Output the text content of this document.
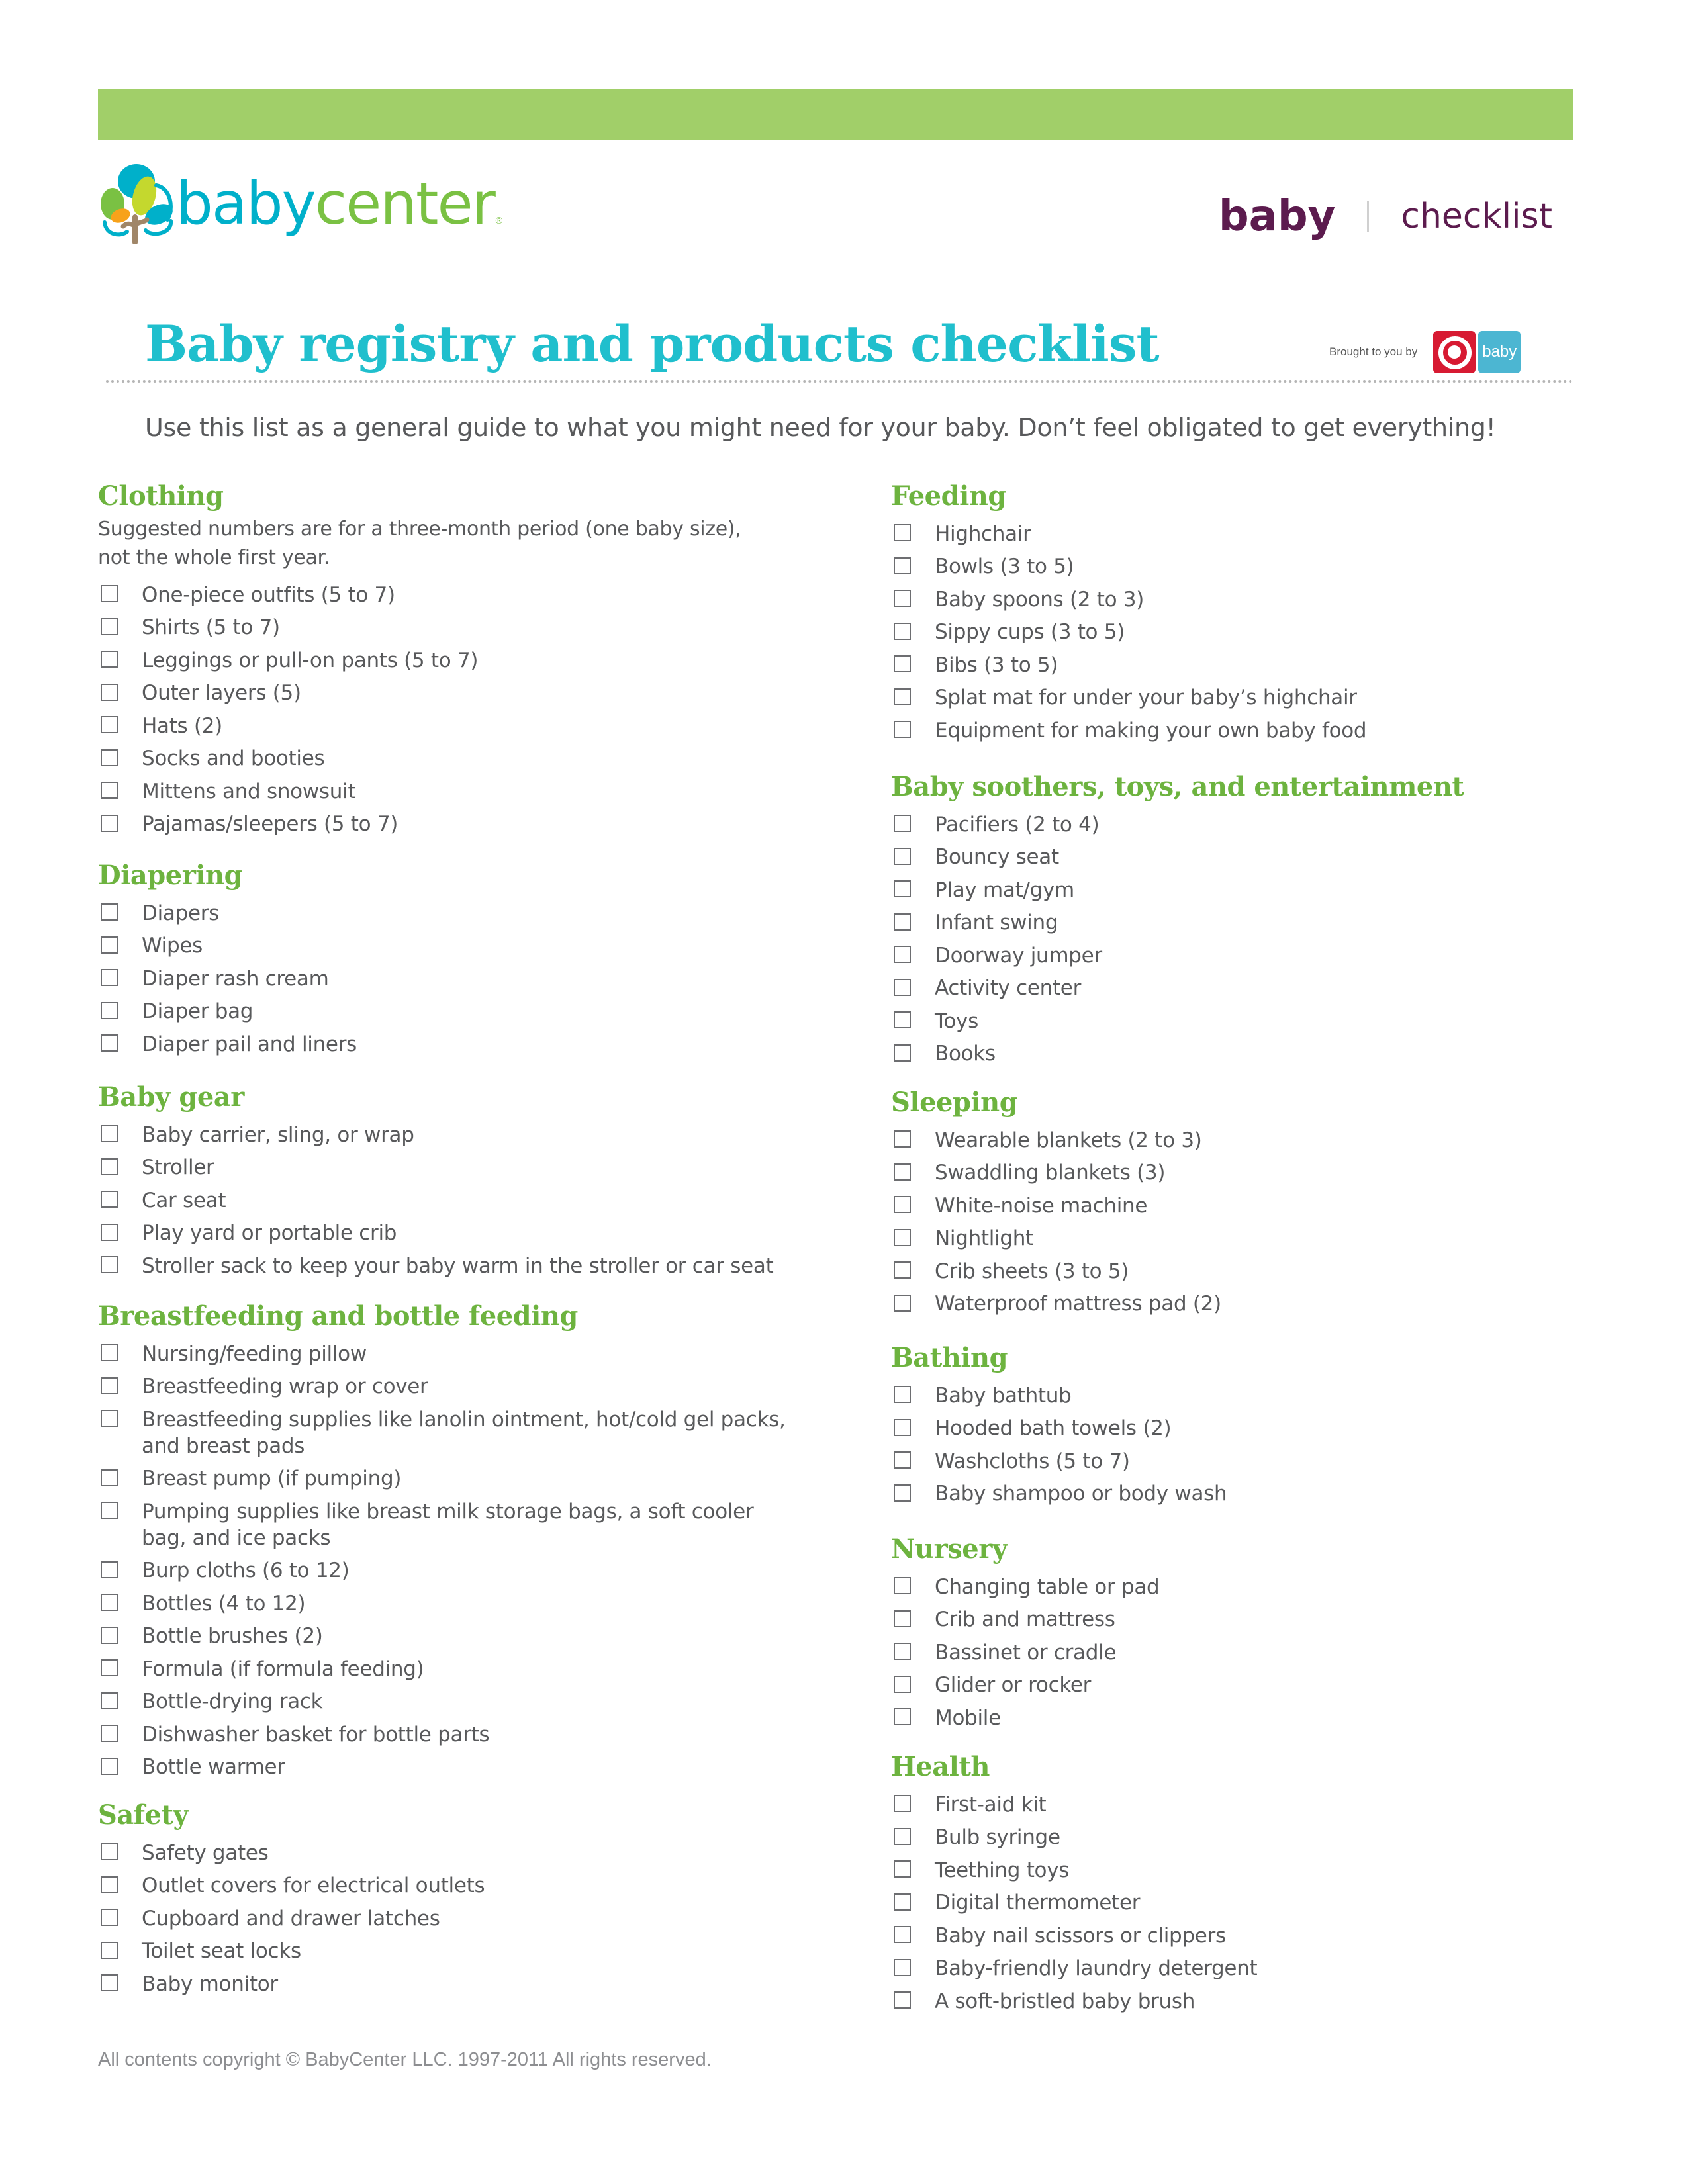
babycenter®	baby checklist
Baby registry and products checklist	Brought to you by	baby
Use this list as a general guide to what you might need for your baby. Don’t feel obligated to get everything!
Clothing
Suggested numbers are for a three-month period (one baby size),
not the whole first year.
One-piece outfits (5 to 7)
Shirts (5 to 7)
Leggings or pull-on pants (5 to 7)
Outer layers (5)
Hats (2)
Socks and booties
Mittens and snowsuit
Pajamas/sleepers (5 to 7)
Diapering
Diapers
Wipes
Diaper rash cream
Diaper bag
Diaper pail and liners
Baby gear
Baby carrier, sling, or wrap
Stroller
Car seat
Play yard or portable crib
Stroller sack to keep your baby warm in the stroller or car seat
Breastfeeding and bottle feeding
Nursing/feeding pillow
Breastfeeding wrap or cover
Breastfeeding supplies like lanolin ointment, hot/cold gel packs, and breast pads
Breast pump (if pumping)
Pumping supplies like breast milk storage bags, a soft cooler bag, and ice packs
Burp cloths (6 to 12)
Bottles (4 to 12)
Bottle brushes (2)
Formula (if formula feeding)
Bottle-drying rack
Dishwasher basket for bottle parts
Bottle warmer
Safety
Safety gates
Outlet covers for electrical outlets
Cupboard and drawer latches
Toilet seat locks
Baby monitor
Feeding
Highchair
Bowls (3 to 5)
Baby spoons (2 to 3)
Sippy cups (3 to 5)
Bibs (3 to 5)
Splat mat for under your baby’s highchair
Equipment for making your own baby food
Baby soothers, toys, and entertainment
Pacifiers (2 to 4)
Bouncy seat
Play mat/gym
Infant swing
Doorway jumper
Activity center
Toys
Books
Sleeping
Wearable blankets (2 to 3)
Swaddling blankets (3)
White-noise machine
Nightlight
Crib sheets (3 to 5)
Waterproof mattress pad (2)
Bathing
Baby bathtub
Hooded bath towels (2)
Washcloths (5 to 7)
Baby shampoo or body wash
Nursery
Changing table or pad
Crib and mattress
Bassinet or cradle
Glider or rocker
Mobile
Health
First-aid kit
Bulb syringe
Teething toys
Digital thermometer
Baby nail scissors or clippers
Baby-friendly laundry detergent
A soft-bristled baby brush
All contents copyright © BabyCenter LLC. 1997-2011 All rights reserved.
